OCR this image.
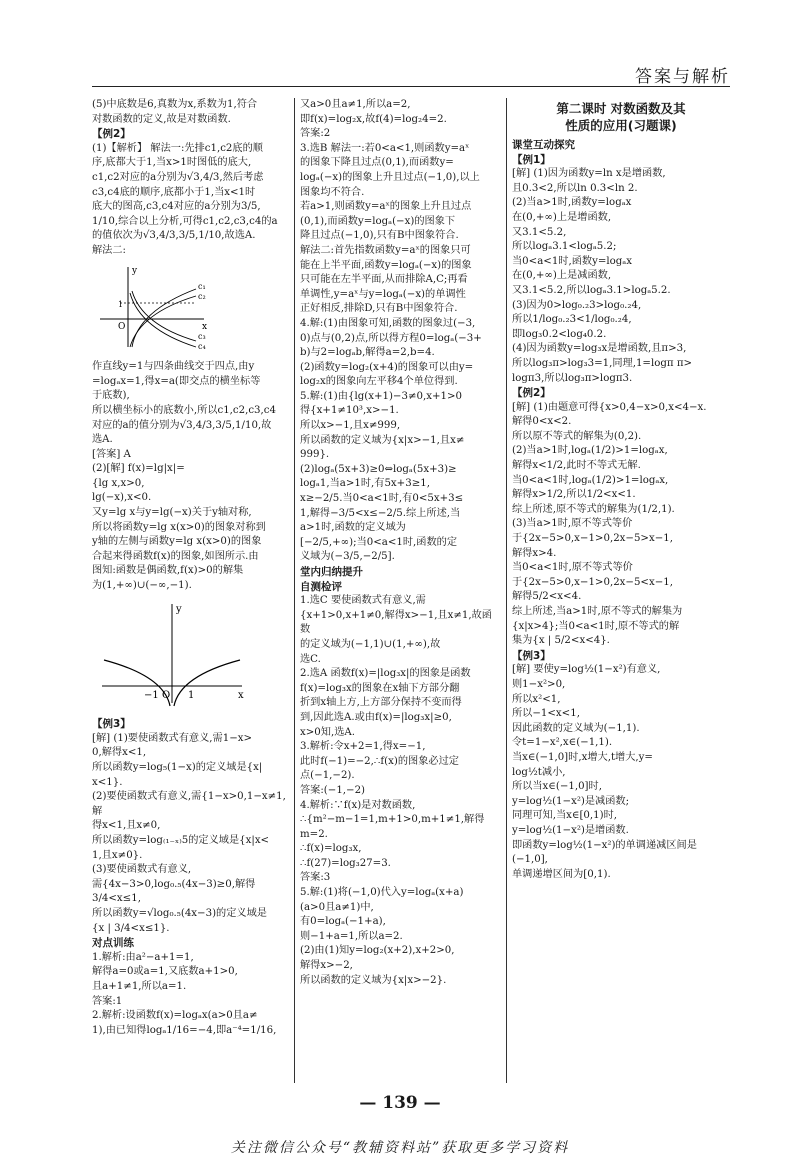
答案与解析

(5)中底数是6,真数为x,系数为1,符合

对数函数的定义,故是对数函数.

【例2】

(1)【解析】 解法一:先排c1,c2底的顺

序,底都大于1,当x>1时图低的底大,

c1,c2对应的a分别为√3,4/3,然后考虑

c3,c4底的顺序,底都小于1,当x<1时

底大的图高,c3,c4对应的a分别为3/5,

1/10,综合以上分析,可得c1,c2,c3,c4的a

的值依次为√3,4/3,3/5,1/10,故选A.

解法二:

c₁
c₂
c₃
c₄
x
y
O
1

作直线y=1与四条曲线交于四点,由y

=logₐx=1,得x=a(即交点的横坐标等

于底数),

所以横坐标小的底数小,所以c1,c2,c3,c4

对应的a的值分别为√3,4/3,3/5,1/10,故

选A.

[答案] A

(2)[解] f(x)=lg|x|=

{lg x,x>0,

lg(−x),x<0.

又y=lg x与y=lg(−x)关于y轴对称,

所以将函数y=lg x(x>0)的图象对称到

y轴的左侧与函数y=lg x(x>0)的图象

合起来得函数f(x)的图象,如图所示.由

图知:函数是偶函数,f(x)>0的解集

为(1,+∞)∪(−∞,−1).

x
y
O
−1	1

【例3】

[解] (1)要使函数式有意义,需1−x>

0,解得x<1,

所以函数y=log₅(1−x)的定义域是{x|

x<1}.

(2)要使函数式有意义,需{1−x>0,1−x≠1,解

得x<1,且x≠0,

所以函数y=log₍₁₋ₓ₎5的定义域是{x|x<

1,且x≠0}.

(3)要使函数式有意义,

需{4x−3>0,log₀.₅(4x−3)≥0,解得3/4<x≤1,

所以函数y=√log₀.₅(4x−3)的定义域是

{x | 3/4<x≤1}.

对点训练

1.解析:由a²−a+1=1,

解得a=0或a=1,又底数a+1>0,

且a+1≠1,所以a=1.

答案:1

2.解析:设函数f(x)=logₐx(a>0且a≠

1),由已知得logₐ1/16=−4,即a⁻⁴=1/16,

又a>0且a≠1,所以a=2,

即f(x)=log₂x,故f(4)=log₂4=2.

答案:2

3.选B 解法一:若0<a<1,则函数y=aˣ

的图象下降且过点(0,1),而函数y=

logₐ(−x)的图象上升且过点(−1,0),以上

图象均不符合.

若a>1,则函数y=aˣ的图象上升且过点

(0,1),而函数y=logₐ(−x)的图象下

降且过点(−1,0),只有B中图象符合.

解法二:首先指数函数y=aˣ的图象只可

能在上半平面,函数y=logₐ(−x)的图象

只可能在左半平面,从而排除A,C;再看

单调性,y=aˣ与y=logₐ(−x)的单调性

正好相反,排除D,只有B中图象符合.

4.解:(1)由图象可知,函数的图象过(−3,

0)点与(0,2)点,所以得方程0=logₐ(−3+

b)与2=logₐb,解得a=2,b=4.

(2)函数y=log₂(x+4)的图象可以由y=

log₂x的图象向左平移4个单位得到.

5.解:(1)由{lg(x+1)−3≠0,x+1>0

得{x+1≠10³,x>−1.

所以x>−1,且x≠999,

所以函数的定义域为{x|x>−1,且x≠

999}.

(2)logₐ(5x+3)≥0⇔logₐ(5x+3)≥

logₐ1,当a>1时,有5x+3≥1,

x≥−2/5.当0<a<1时,有0<5x+3≤

1,解得−3/5<x≤−2/5.综上所述,当

a>1时,函数的定义域为

[−2/5,+∞);当0<a<1时,函数的定

义域为(−3/5,−2/5].

堂内归纳提升

自测检评

1.选C 要使函数式有意义,需

{x+1>0,x+1≠0,解得x>−1,且x≠1,故函数

的定义域为(−1,1)∪(1,+∞),故

选C.

2.选A 函数f(x)=|log₃x|的图象是函数

f(x)=log₃x的图象在x轴下方部分翻

折到x轴上方,上方部分保持不变而得

到,因此选A.或由f(x)=|log₃x|≥0,

x>0知,选A.

3.解析:令x+2=1,得x=−1,

此时f(−1)=−2,∴f(x)的图象必过定

点(−1,−2).

答案:(−1,−2)

4.解析:∵f(x)是对数函数,

∴{m²−m−1=1,m+1>0,m+1≠1,解得m=2.

∴f(x)=log₃x,

∴f(27)=log₃27=3.

答案:3

5.解:(1)将(−1,0)代入y=logₐ(x+a)

(a>0且a≠1)中,

有0=logₐ(−1+a),

则−1+a=1,所以a=2.

(2)由(1)知y=log₂(x+2),x+2>0,

解得x>−2,

所以函数的定义域为{x|x>−2}.

第二课时 对数函数及其
性质的应用(习题课)

课堂互动探究

【例1】

[解] (1)因为函数y=ln x是增函数,

且0.3<2,所以ln 0.3<ln 2.

(2)当a>1时,函数y=logₐx

在(0,+∞)上是增函数,

又3.1<5.2,

所以logₐ3.1<logₐ5.2;

当0<a<1时,函数y=logₐx

在(0,+∞)上是减函数,

又3.1<5.2,所以logₐ3.1>logₐ5.2.

(3)因为0>log₀.₂3>log₀.₂4,

所以1/log₀.₂3<1/log₀.₂4,

即log₃0.2<log₄0.2.

(4)因为函数y=log₃x是增函数,且π>3,

所以log₃π>log₃3=1,同理,1=logπ π>

logπ3,所以log₃π>logπ3.

【例2】

[解] (1)由题意可得{x>0,4−x>0,x<4−x.

解得0<x<2.

所以原不等式的解集为(0,2).

(2)当a>1时,logₐ(1/2)>1=logₐx,

解得x<1/2,此时不等式无解.

当0<a<1时,logₐ(1/2)>1=logₐx,

解得x>1/2,所以1/2<x<1.

综上所述,原不等式的解集为(1/2,1).

(3)当a>1时,原不等式等价

于{2x−5>0,x−1>0,2x−5>x−1,

解得x>4.

当0<a<1时,原不等式等价

于{2x−5>0,x−1>0,2x−5<x−1,

解得5/2<x<4.

综上所述,当a>1时,原不等式的解集为

{x|x>4};当0<a<1时,原不等式的解

集为{x | 5/2<x<4}.

【例3】

[解] 要使y=log½(1−x²)有意义,

则1−x²>0,

所以x²<1,

所以−1<x<1,

因此函数的定义域为(−1,1).

令t=1−x²,x∈(−1,1).

当x∈(−1,0]时,x增大,t增大,y=

log½t减小,

所以当x∈(−1,0]时,

y=log½(1−x²)是减函数;

同理可知,当x∈[0,1)时,

y=log½(1−x²)是增函数.

即函数y=log½(1−x²)的单调递减区间是

(−1,0],

单调递增区间为[0,1).

— 139 —
关注微信公众号“教辅资料站”获取更多学习资料
